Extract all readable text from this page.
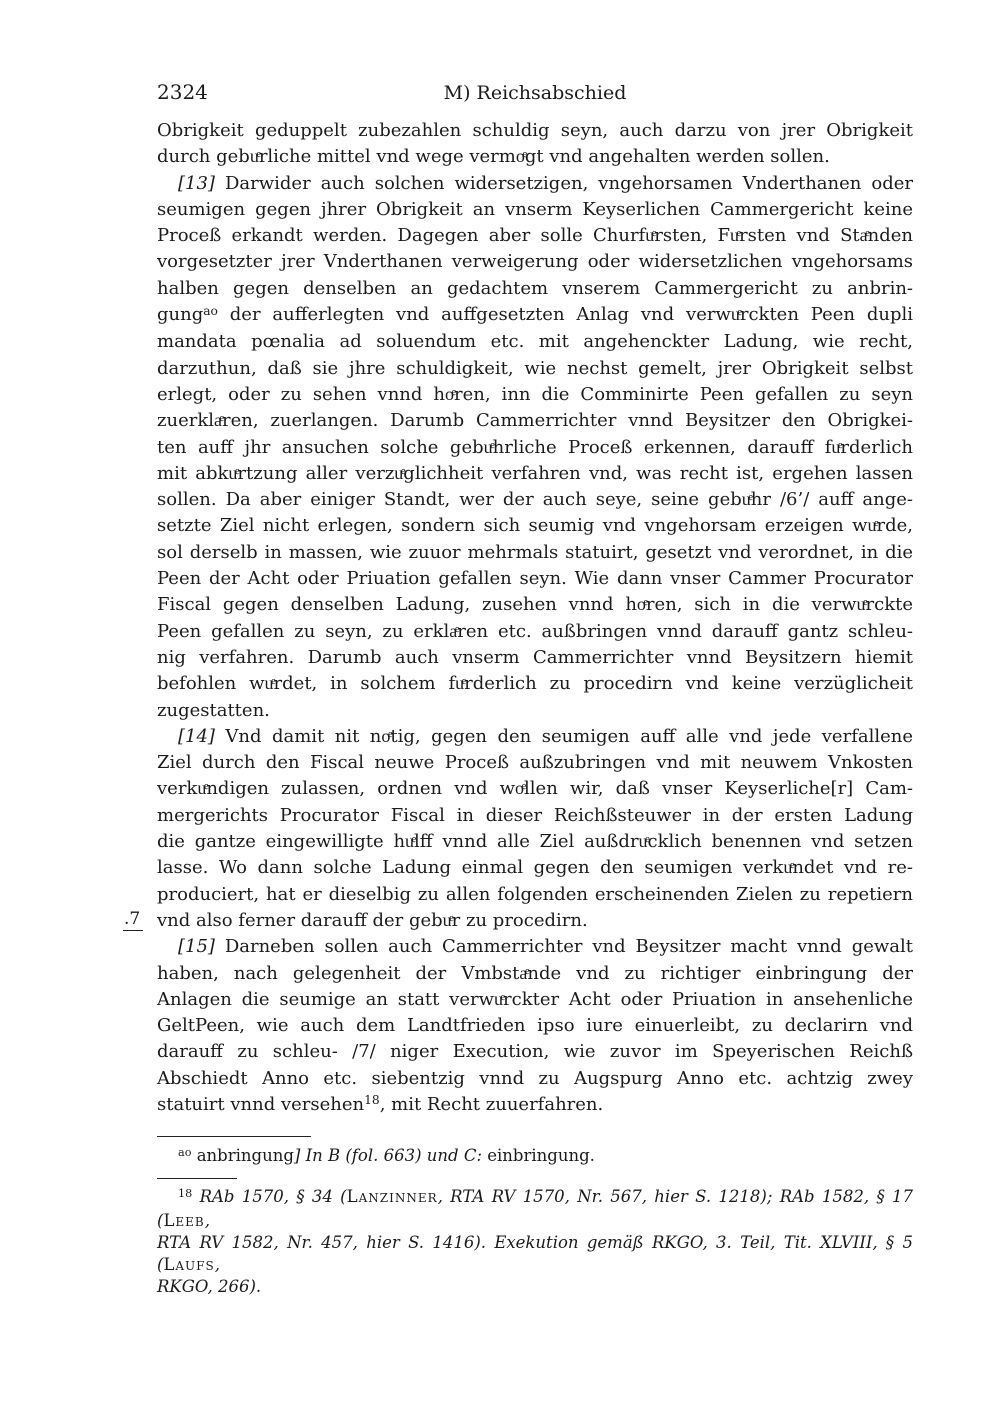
2324	M) Reichsabschied
.7
Obrigkeit geduppelt zubezahlen schuldig seyn, auch darzu von jrer Obrigkeit
durch gebuͤrliche mittel vnd wege vermoͤgt vnd angehalten werden sollen.
[13] Darwider auch solchen widersetzigen, vngehorsamen Vnderthanen oder
seumigen gegen jhrer Obrigkeit an vnserm Keyserlichen Cammergericht keine
Proceß erkandt werden. Dagegen aber solle Churfuͤrsten, Fuͤrsten vnd Staͤnden
vorgesetzter jrer Vnderthanen verweigerung oder widersetzlichen vngehorsams
halben gegen denselben an gedachtem vnserem Cammergericht zu anbrin-
gung$^{ao}$ der aufferlegten vnd auffgesetzten Anlag vnd verwuͤrckten Peen dupli
mandata pœnalia ad soluendum etc. mit angehenckter Ladung, wie recht,
darzuthun, daß sie jhre schuldigkeit, wie nechst gemelt, jrer Obrigkeit selbst
erlegt, oder zu sehen vnnd hoͤren, inn die Comminirte Peen gefallen zu seyn
zuerklaͤren, zuerlangen. Darumb Cammerrichter vnnd Beysitzer den Obrigkei-
ten auff jhr ansuchen solche gebuͤhrliche Proceß erkennen, darauff fuͤrderlich
mit abkuͤrtzung aller verzuͤglichheit verfahren vnd, was recht ist, ergehen lassen
sollen. Da aber einiger Standt, wer der auch seye, seine gebuͤhr /6’/ auff ange-
setzte Ziel nicht erlegen, sondern sich seumig vnd vngehorsam erzeigen wuͤrde,
sol derselb in massen, wie zuuor mehrmals statuirt, gesetzt vnd verordnet, in die
Peen der Acht oder Priuation gefallen seyn. Wie dann vnser Cammer Procurator
Fiscal gegen denselben Ladung, zusehen vnnd hoͤren, sich in die verwuͤrckte
Peen gefallen zu seyn, zu erklaͤren etc. außbringen vnnd darauff gantz schleu-
nig verfahren. Darumb auch vnserm Cammerrichter vnnd Beysitzern hiemit
befohlen wuͤrdet, in solchem fuͤrderlich zu procedirn vnd keine verzüglicheit
zugestatten.
[14] Vnd damit nit noͤtig, gegen den seumigen auff alle vnd jede verfallene
Ziel durch den Fiscal neuwe Proceß außzubringen vnd mit neuwem Vnkosten
verkuͤndigen zulassen, ordnen vnd woͤllen wir, daß vnser Keyserliche[r] Cam-
mergerichts Procurator Fiscal in dieser Reichßsteuwer in der ersten Ladung
die gantze eingewilligte huͤlff vnnd alle Ziel außdruͤcklich benennen vnd setzen
lasse. Wo dann solche Ladung einmal gegen den seumigen verkuͤndet vnd re-
produciert, hat er dieselbig zu allen folgenden erscheinenden Zielen zu repetiern
vnd also ferner darauff der gebuͤr zu procedirn.
[15] Darneben sollen auch Cammerrichter vnd Beysitzer macht vnnd gewalt
haben, nach gelegenheit der Vmbstaͤnde vnd zu richtiger einbringung der
Anlagen die seumige an statt verwuͤrckter Acht oder Priuation in ansehenliche
GeltPeen, wie auch dem Landtfrieden ipso iure einuerleibt, zu declarirn vnd
darauff zu schleu- /7/ niger Execution, wie zuvor im Speyerischen Reichß
Abschiedt Anno etc. siebentzig vnnd zu Augspurg Anno etc. achtzig zwey
statuirt vnnd versehen$^{18}$, mit Recht zuuerfahren.
$^{ao}$ anbringung] In B (fol. 663) und C: einbringung.
$^{18}$ RAb 1570, § 34 (Lanzinner, RTA RV 1570, Nr. 567, hier S. 1218); RAb 1582, § 17 (Leeb,
RTA RV 1582, Nr. 457, hier S. 1416). Exekution gemäß RKGO, 3. Teil, Tit. XLVIII, § 5 (Laufs,
RKGO, 266).
